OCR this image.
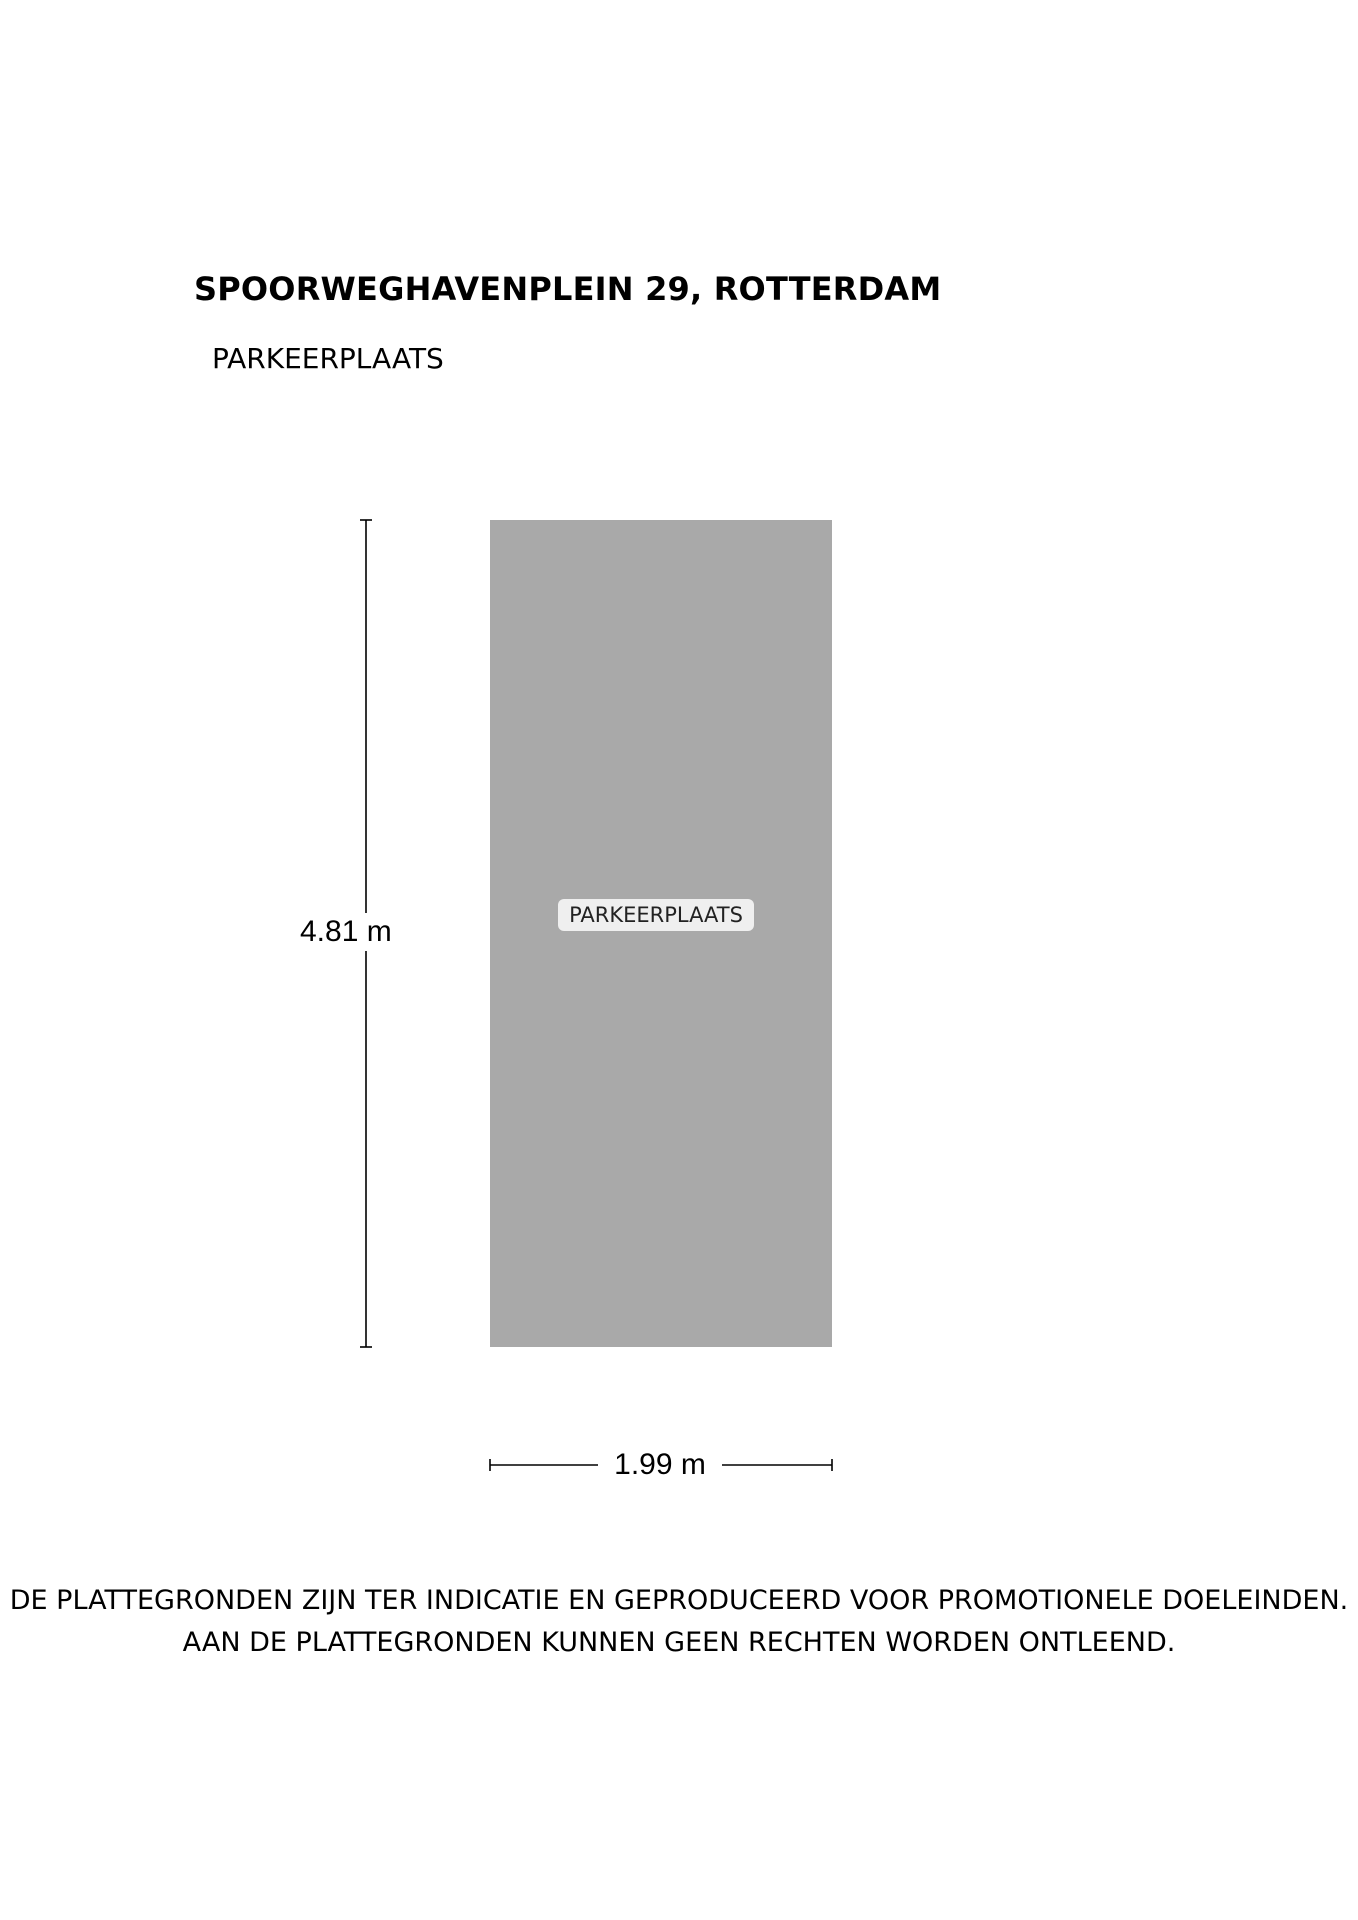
SPOORWEGHAVENPLEIN 29, ROTTERDAM
PARKEERPLAATS
PARKEERPLAATS
4.81 m
1.99 m
DE PLATTEGRONDEN ZIJN TER INDICATIE EN GEPRODUCEERD VOOR PROMOTIONELE DOELEINDEN.
AAN DE PLATTEGRONDEN KUNNEN GEEN RECHTEN WORDEN ONTLEEND.
